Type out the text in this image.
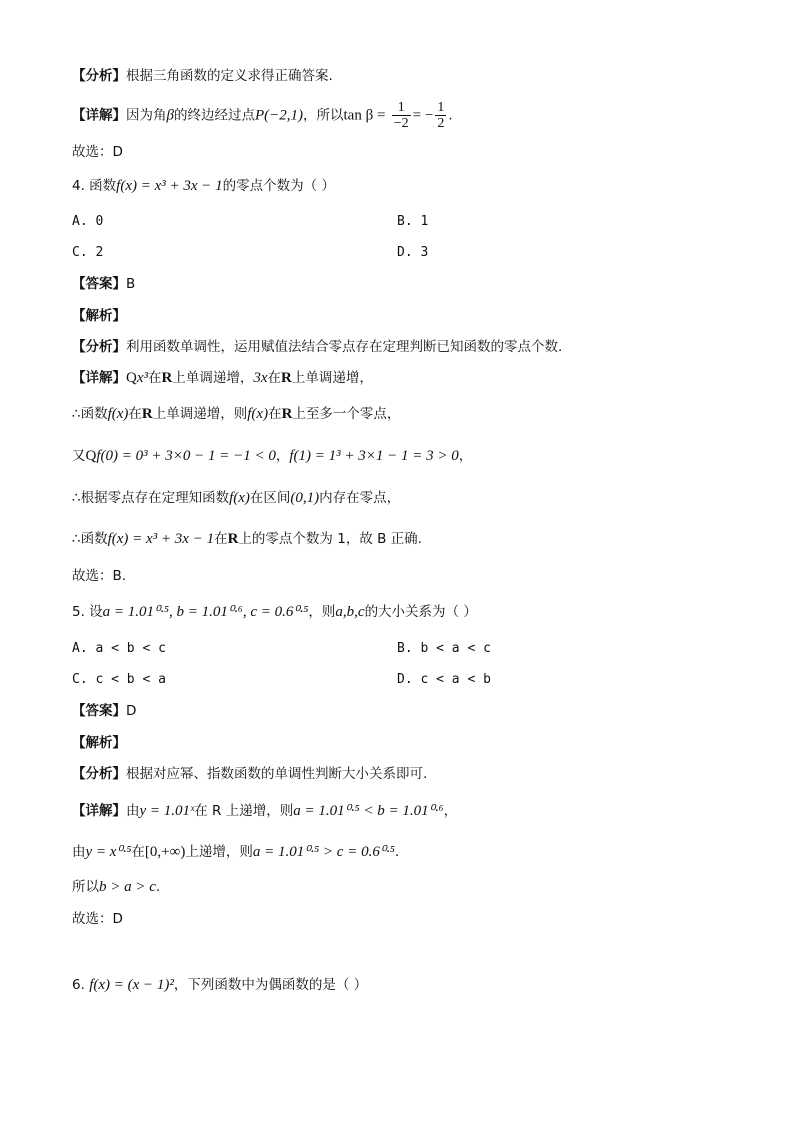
【分析】根据三角函数的定义求得正确答案.
【详解】因为角β的终边经过点P(−2,1)，所以$\tan \beta = \frac{1}{-2}$ = − $\frac{1}{2}$ .
故选：D
4. 函数f(x) = x³ + 3x − 1的零点个数为（ ）
A. 0	B. 1
C. 2	D. 3
【答案】B
【解析】
【分析】利用函数单调性，运用赋值法结合零点存在定理判断已知函数的零点个数.
【详解】Qx³在R上单调递增，3x在R上单调递增，
∴函数f(x)在R上单调递增，则f(x)在R上至多一个零点，
又Qf(0) = 0³ + 3×0 − 1 = −1 < 0，f(1) = 1³ + 3×1 − 1 = 3 > 0，
∴根据零点存在定理知函数f(x)在区间(0,1)内存在零点，
∴函数f(x) = x³ + 3x − 1在R上的零点个数为 1，故 B 正确.
故选：B.
5. 设a = 1.01⁰·⁵, b = 1.01⁰·⁶, c = 0.6⁰·⁵，则a,b,c的大小关系为（ ）
A. a < b < c	B. b < a < c
C. c < b < a	D. c < a < b
【答案】D
【解析】
【分析】根据对应幂、指数函数的单调性判断大小关系即可.
【详解】由y = 1.01ˣ在 R 上递增，则a = 1.01⁰·⁵ < b = 1.01⁰·⁶，
由y = x⁰·⁵在[0,+∞)上递增，则a = 1.01⁰·⁵ > c = 0.6⁰·⁵.
所以b > a > c.
故选：D
6. f(x) = (x − 1)²，下列函数中为偶函数的是（ ）
